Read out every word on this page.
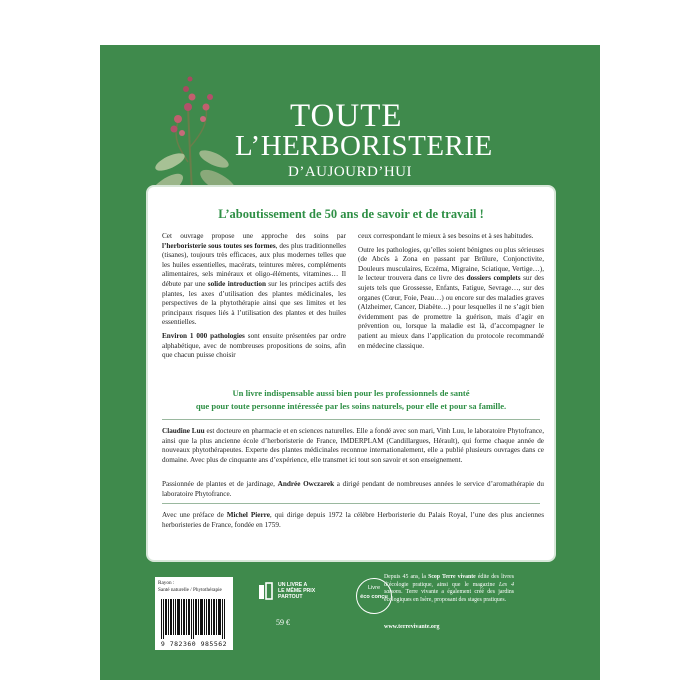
TOUTE
L’HERBORISTERIE
D’AUJOURD’HUI
L’aboutissement de 50 ans de savoir et de travail !

Cet ouvrage propose une approche des soins par l’herboristerie sous toutes ses formes, des plus traditionnelles (tisanes), toujours très efficaces, aux plus modernes telles que les huiles essentielles, macérats, teintures mères, compléments alimentaires, sels minéraux et oligo-éléments, vitamines… Il débute par une solide introduction sur les principes actifs des plantes, les axes d’utilisation des plantes médicinales, les perspectives de la phytothérapie ainsi que ses limites et les principaux risques liés à l’utilisation des plantes et des huiles essentielles.

Environ 1 000 pathologies sont ensuite présentées par ordre alphabétique, avec de nombreuses propositions de soins, afin que chacun puisse choisir

ceux correspondant le mieux à ses besoins et à ses habitudes.

Outre les pathologies, qu’elles soient bénignes ou plus sérieuses (de Abcès à Zona en passant par Brûlure, Conjonctivite, Douleurs musculaires, Eczéma, Migraine, Sciatique, Vertige…), le lecteur trouvera dans ce livre des dossiers complets sur des sujets tels que Grossesse, Enfants, Fatigue, Sevrage…, sur des organes (Cœur, Foie, Peau…) ou encore sur des maladies graves (Alzheimer, Cancer, Diabète…) pour lesquelles il ne s’agit bien évidemment pas de promettre la guérison, mais d’agir en prévention ou, lorsque la maladie est là, d’accompagner le patient au mieux dans l’application du protocole recommandé en médecine classique.

Un livre indispensable aussi bien pour les professionnels de santé
que pour toute personne intéressée par les soins naturels, pour elle et pour sa famille.

Claudine Luu est docteure en pharmacie et en sciences naturelles. Elle a fondé avec son mari, Vinh Luu, le laboratoire Phytofrance, ainsi que la plus ancienne école d’herboristerie de France, IMDERPLAM (Candillargues, Hérault), qui forme chaque année de nouveaux phytothérapeutes. Experte des plantes médicinales reconnue internationalement, elle a publié plusieurs ouvrages dans ce domaine. Avec plus de cinquante ans d’expérience, elle transmet ici tout son savoir et son enseignement.

Passionnée de plantes et de jardinage, Andrée Owczarek a dirigé pendant de nombreuses années le service d’aromathérapie du laboratoire Phytofrance.

Avec une préface de Michel Pierre, qui dirige depuis 1972 la célèbre Herboristerie du Palais Royal, l’une des plus anciennes herboristeries de France, fondée en 1759.

Rayon :
Santé naturelle / Phytothérapie
9 782360 985562
UN LIVRE A
LE MÊME PRIX
PARTOUT
59 €
Livre
éco conçu

Depuis 45 ans, la Scop Terre vivante édite des livres d’écologie pratique, ainsi que le magazine Les 4 saisons. Terre vivante a également créé des jardins écologiques en Isère, proposant des stages pratiques.

www.terrevivante.org
